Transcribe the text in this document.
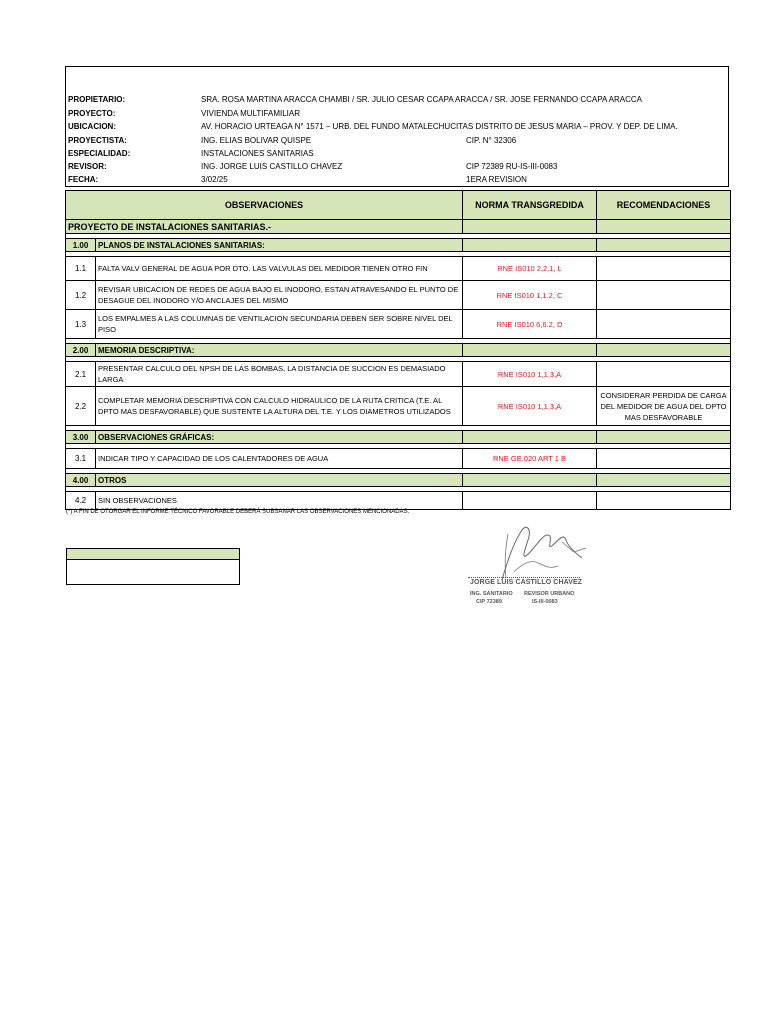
PROPIETARIO:	SRA. ROSA MARTINA ARACCA CHAMBI / SR. JULIO CESAR CCAPA ARACCA / SR. JOSE FERNANDO CCAPA ARACCA
PROYECTO:	VIVIENDA MULTIFAMILIAR
UBICACION:	AV. HORACIO URTEAGA N° 1571 – URB. DEL FUNDO MATALECHUCITAS DISTRITO DE JESUS MARIA – PROV. Y DEP. DE LIMA.
PROYECTISTA:	ING. ELIAS BOLIVAR QUISPE	CIP. N° 32306
ESPECIALIDAD:	INSTALACIONES SANITARIAS
REVISOR:	ING. JORGE LUIS CASTILLO CHAVEZ	CIP 72389 RU-IS-III-0083
FECHA:	3/02/25	1ERA REVISION
OBSERVACIONES		NORMA TRANSGREDIDA	RECOMENDACIONES
PROYECTO DE INSTALACIONES SANITARIAS.-			

1.00	PLANOS DE INSTALACIONES SANITARIAS:		

1.1	FALTA VALV GENERAL DE AGUA POR DTO. LAS VALVULAS DEL MEDIDOR TIENEN OTRO FIN	RNE IS010 2,2.1, L	
1.2	REVISAR UBICACION DE REDES DE AGUA BAJO EL INODORO, ESTAN ATRAVESANDO EL PUNTO DE DESAGUE DEL INODORO Y/O ANCLAJES DEL MISMO	RNE IS010 1,1.2, C	
1.3	LOS EMPALMES A LAS COLUMNAS DE VENTILACION SECUNDARIA DEBEN SER SOBRE NIVEL DEL PISO	RNE IS010 6,6.2, D	

2.00	MEMORIA DESCRIPTIVA:		

2.1	PRESENTAR CALCULO DEL NPSH DE LAS BOMBAS, LA DISTANCIA DE SUCCION ES DEMASIADO LARGA	RNE IS010 1,1.3,A	
2.2	COMPLETAR MEMORIA DESCRIPTIVA CON CALCULO HIDRAULICO DE LA RUTA CRITICA (T.E. AL DPTO MAS DESFAVORABLE) QUE SUSTENTE LA ALTURA DEL T.E. Y LOS DIAMETROS UTILIZADOS	RNE IS010 1,1.3,A	CONSIDERAR PERDIDA DE CARGA DEL MEDIDOR DE AGUA DEL DPTO MAS DESFAVORABLE

3.00	OBSERVACIONES GRÁFICAS:		

3.1	INDICAR TIPO Y CAPACIDAD DE LOS CALENTADORES DE AGUA	RNE GE.020 ART 1 B	

4.00	OTROS		

4.2	SIN OBSERVACIONES		
(*) A FIN DE OTORGAR EL INFORME TÉCNICO FAVORABLE DEBERÁ SUBSANAR LAS OBSERVACIONES MENCIONADAS.
JORGE LUIS CASTILLO CHAVEZ
ING. SANITARIO REVISOR URBANO
CIP 72389	IS-III-0083
